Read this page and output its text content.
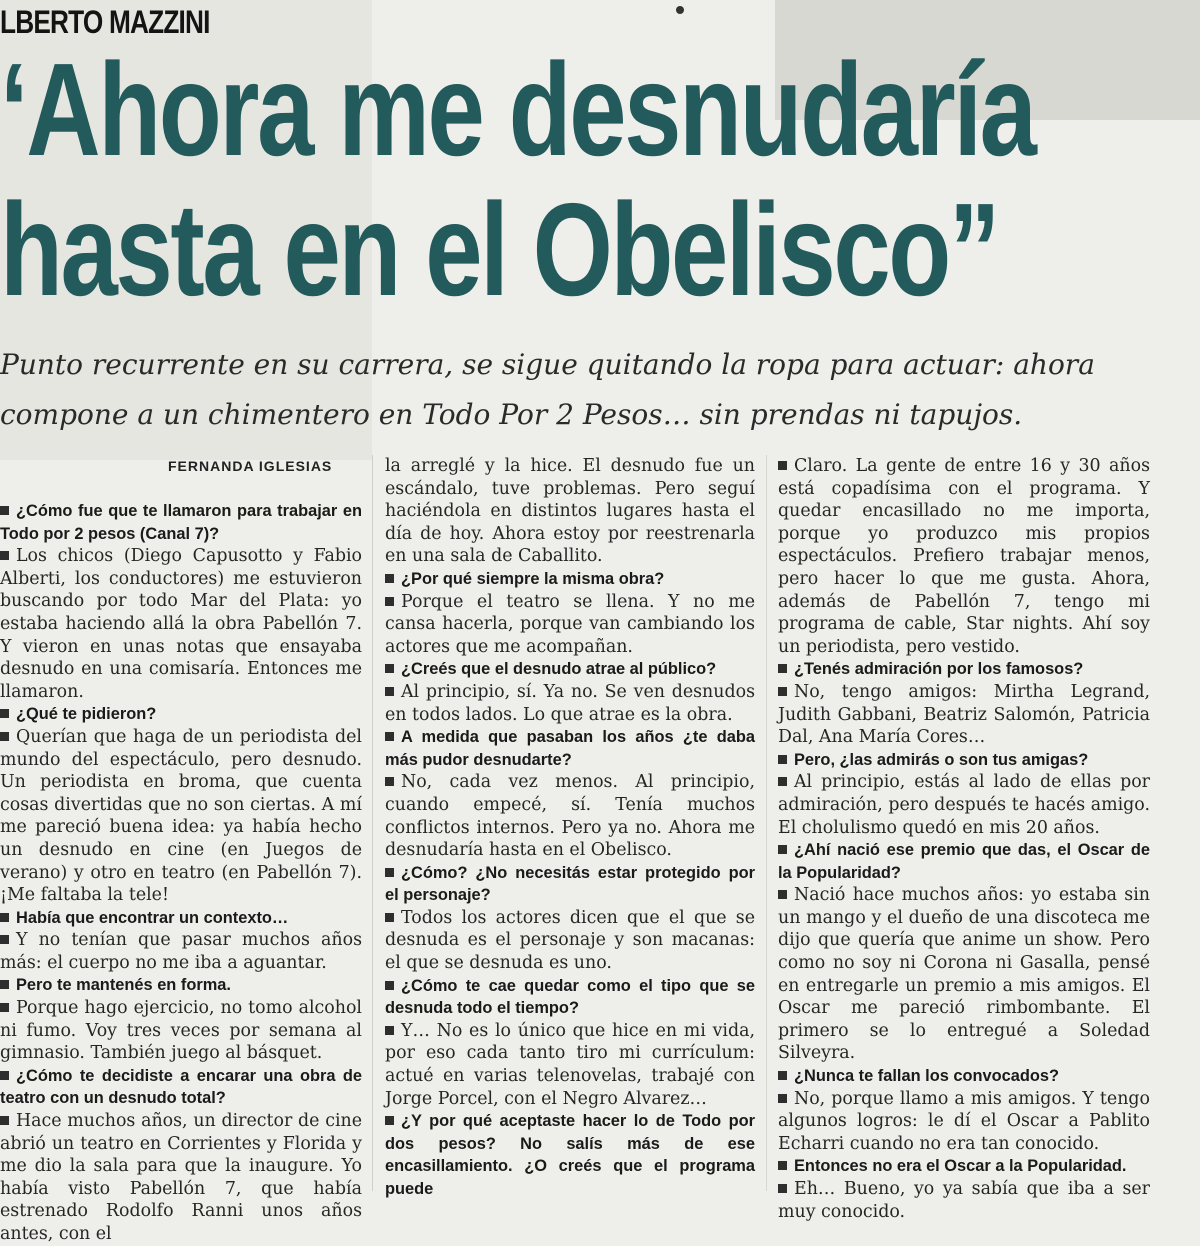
LBERTO MAZZINI
‘Ahora me desnudaría
hasta en el Obelisco”
Punto recurrente en su carrera, se sigue quitando la ropa para actuar: ahora
compone a un chimentero en Todo Por 2 Pesos… sin prendas ni tapujos.
FERNANDA IGLESIAS

¿Cómo fue que te llamaron para trabajar en Todo por 2 pesos (Canal 7)?

Los chicos (Diego Capusotto y Fabio Alberti, los conductores) me estuvieron buscando por todo Mar del Plata: yo estaba haciendo allá la obra Pabellón 7. Y vieron en unas notas que ensayaba desnudo en una comisaría. Entonces me llamaron.

¿Qué te pidieron?

Querían que haga de un periodista del mundo del espectáculo, pero desnudo. Un periodista en broma, que cuenta cosas divertidas que no son ciertas. A mí me pareció buena idea: ya había hecho un desnudo en cine (en Juegos de verano) y otro en teatro (en Pabellón 7). ¡Me faltaba la tele!

Había que encontrar un contexto…

Y no tenían que pasar muchos años más: el cuerpo no me iba a aguantar.

Pero te mantenés en forma.

Porque hago ejercicio, no tomo alcohol ni fumo. Voy tres veces por semana al gimnasio. También juego al básquet.

¿Cómo te decidiste a encarar una obra de teatro con un desnudo total?

Hace muchos años, un director de cine abrió un teatro en Corrientes y Florida y me dio la sala para que la inaugure. Yo había visto Pabellón 7, que había estrenado Rodolfo Ranni unos años antes, con el

la arreglé y la hice. El desnudo fue un escándalo, tuve problemas. Pero seguí haciéndola en distintos lugares hasta el día de hoy. Ahora estoy por reestrenarla en una sala de Caballito.

¿Por qué siempre la misma obra?

Porque el teatro se llena. Y no me cansa hacerla, porque van cambiando los actores que me acompañan.

¿Creés que el desnudo atrae al público?

Al principio, sí. Ya no. Se ven desnudos en todos lados. Lo que atrae es la obra.

A medida que pasaban los años ¿te daba más pudor desnudarte?

No, cada vez menos. Al principio, cuando empecé, sí. Tenía muchos conflictos internos. Pero ya no. Ahora me desnudaría hasta en el Obelisco.

¿Cómo? ¿No necesitás estar protegido por el personaje?

Todos los actores dicen que el que se desnuda es el personaje y son macanas: el que se desnuda es uno.

¿Cómo te cae quedar como el tipo que se desnuda todo el tiempo?

Y… No es lo único que hice en mi vida, por eso cada tanto tiro mi currículum: actué en varias telenovelas, trabajé con Jorge Porcel, con el Negro Alvarez…

¿Y por qué aceptaste hacer lo de Todo por dos pesos? No salís más de ese encasillamiento. ¿O creés que el programa puede

Claro. La gente de entre 16 y 30 años está copadísima con el programa. Y quedar encasillado no me importa, porque yo produzco mis propios espectáculos. Prefiero trabajar menos, pero hacer lo que me gusta. Ahora, además de Pabellón 7, tengo mi programa de cable, Star nights. Ahí soy un periodista, pero vestido.

¿Tenés admiración por los famosos?

No, tengo amigos: Mirtha Legrand, Judith Gabbani, Beatriz Salomón, Patricia Dal, Ana María Cores…

Pero, ¿las admirás o son tus amigas?

Al principio, estás al lado de ellas por admiración, pero después te hacés amigo. El cholulismo quedó en mis 20 años.

¿Ahí nació ese premio que das, el Oscar de la Popularidad?

Nació hace muchos años: yo estaba sin un mango y el dueño de una discoteca me dijo que quería que anime un show. Pero como no soy ni Corona ni Gasalla, pensé en entregarle un premio a mis amigos. El Oscar me pareció rimbombante. El primero se lo entregué a Soledad Silveyra.

¿Nunca te fallan los convocados?

No, porque llamo a mis amigos. Y tengo algunos logros: le dí el Oscar a Pablito Echarri cuando no era tan conocido.

Entonces no era el Oscar a la Popularidad.

Eh… Bueno, yo ya sabía que iba a ser muy conocido.
